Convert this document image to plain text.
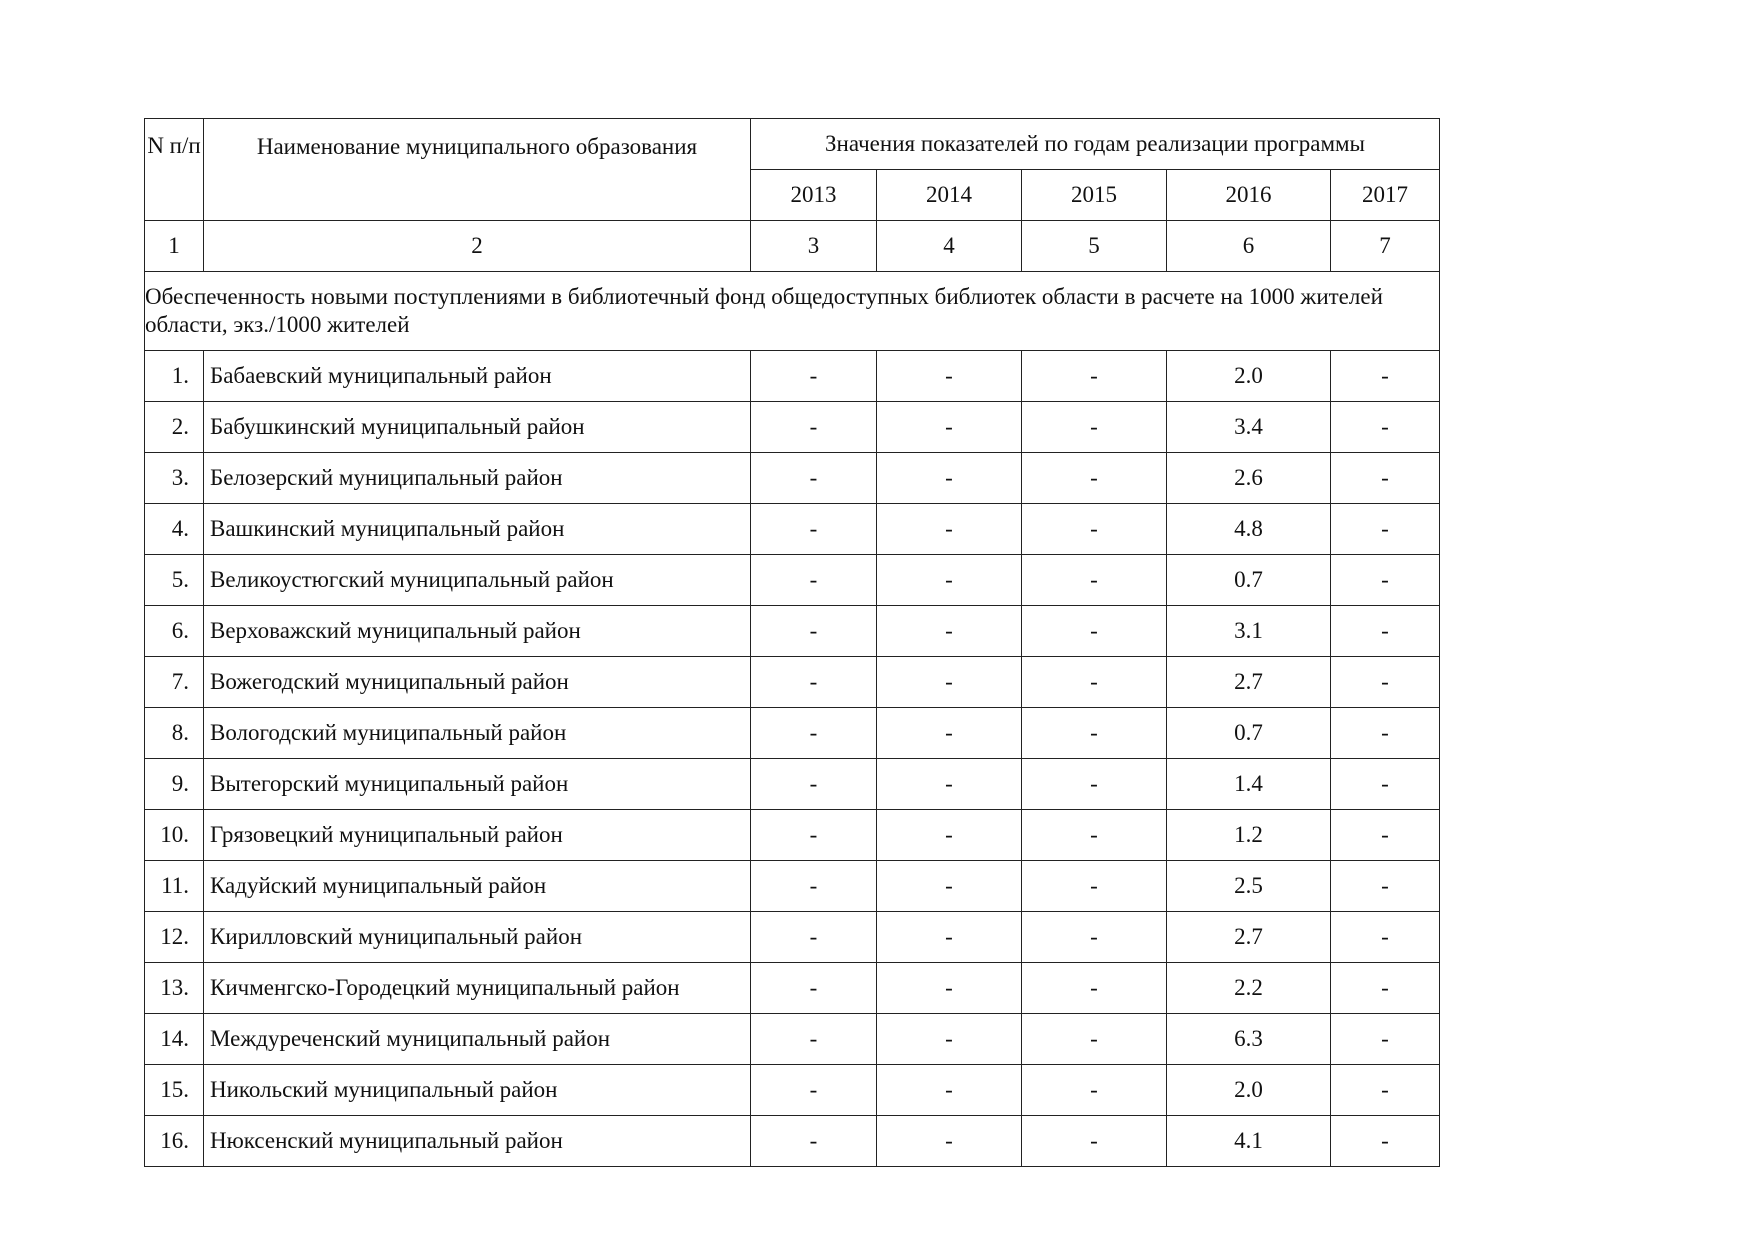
N п/п	Наименование муниципального образования	Значения показателей по годам реализации программы				
		2013	2014	2015	2016	2017
1	2	3	4	5	6	7
Обеспеченность новыми поступлениями в библиотечный фонд общедоступных библиотек области в расчете на 1000 жителей области, экз./1000 жителей						
1.	Бабаевский муниципальный район	-	-	-	2.0	-
2.	Бабушкинский муниципальный район	-	-	-	3.4	-
3.	Белозерский муниципальный район	-	-	-	2.6	-
4.	Вашкинский муниципальный район	-	-	-	4.8	-
5.	Великоустюгский муниципальный район	-	-	-	0.7	-
6.	Верховажский муниципальный район	-	-	-	3.1	-
7.	Вожегодский муниципальный район	-	-	-	2.7	-
8.	Вологодский муниципальный район	-	-	-	0.7	-
9.	Вытегорский муниципальный район	-	-	-	1.4	-
10.	Грязовецкий муниципальный район	-	-	-	1.2	-
11.	Кадуйский муниципальный район	-	-	-	2.5	-
12.	Кирилловский муниципальный район	-	-	-	2.7	-
13.	Кичменгско-Городецкий муниципальный район	-	-	-	2.2	-
14.	Междуреченский муниципальный район	-	-	-	6.3	-
15.	Никольский муниципальный район	-	-	-	2.0	-
16.	Нюксенский муниципальный район	-	-	-	4.1	-
